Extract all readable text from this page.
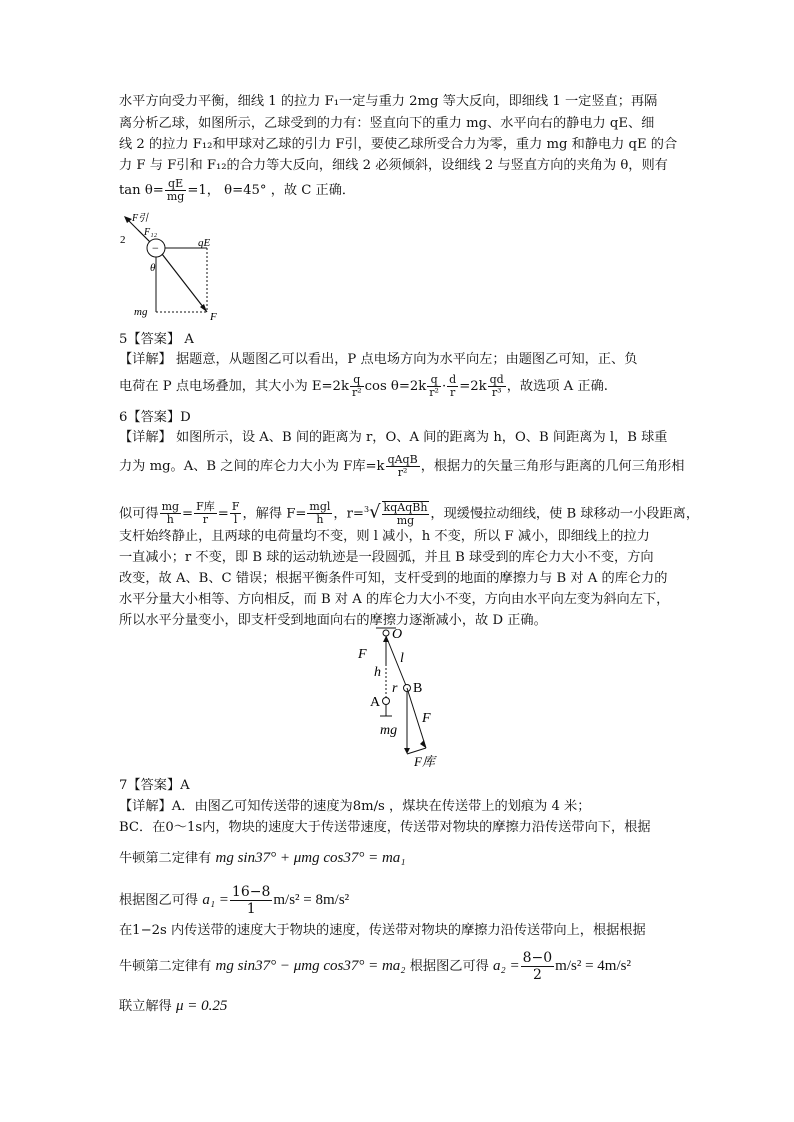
水平方向受力平衡，细线 1 的拉力 F₁一定与重力 2mg 等大反向，即细线 1 一定竖直；再隔
离分析乙球，如图所示，乙球受到的力有：竖直向下的重力 mg、水平向右的静电力 qE、细
线 2 的拉力 F₁₂和甲球对乙球的引力 F引，要使乙球所受合力为零，重力 mg 和静电力 qE 的合
力 F 与 F引和 F₁₂的合力等大反向，细线 2 必须倾斜，设细线 2 与竖直方向的夹角为 θ，则有
$\tan \theta= \frac{qE}{mg} =1$， θ=45° ，故 C 正确．
−
F引
F₁₂
2	qE
θ
mg	F
5【答案】 A
【详解】 据题意，从题图乙可以看出，P 点电场方向为水平向左；由题图乙可知，正、负
电荷在 P 点电场叠加，其大小为 $E=2k \frac{q}{\text{r²}}$ $\cos \theta=2k \frac{q}{\text{r²}} \cdot \frac{d}{r} =2k \frac{qd}{\text{r³}}$ ，故选项 A 正确.
6【答案】D
【详解】 如图所示，设 A、B 间的距离为 r，O、A 间的距离为 h，O、B 间距离为 l，B 球重
力为 mg。A、B 之间的库仑力大小为 F库$=k \frac{\text{qAqB}}{\text{r²}}$ ，根据力的矢量三角形与距离的几何三角形相
似可得 $\frac{mg}{h} = \frac{\text{F库}}{r} = \frac{F}{l}$ ，解得 $F= \frac{\text{mgl}}{h}$ ，$r=^3√ \frac{\text{kqAqBh}}{mg}$ ，现缓慢拉动细线，使 B 球移动一小段距离，
支杆始终静止，且两球的电荷量均不变，则 l 减小，h 不变，所以 F 减小，即细线上的拉力
一直减小；r 不变，即 B 球的运动轨迹是一段圆弧，并且 B 球受到的库仑力大小不变，方向
改变，故 A、B、C 错误；根据平衡条件可知，支杆受到的地面的摩擦力与 B 对 A 的库仑力的
水平分量大小相等、方向相反，而 B 对 A 的库仑力大小不变，方向由水平向左变为斜向左下，
所以水平分量变小，即支杆受到地面向右的摩擦力逐渐减小，故 D 正确。
O
F l
h
r B
A
F
mg
F库
7【答案】A
【详解】A．由图乙可知传送带的速度为8m/s ，煤块在传送带上的划痕为 4 米；
BC．在0～1s内，物块的速度大于传送带速度，传送带对物块的摩擦力沿传送带向下，根据
牛顿第二定律有 mg sin37° + μmg cos37° = ma₁
根据图乙可得 $a_1 = \frac{16-8}{1} m/s^2 = 8m/s^2$
在1−2s 内传送带的速度大于物块的速度，传送带对物块的摩擦力沿传送带向上，根据根据
牛顿第二定律有 mg sin37° − μmg cos37° = ma₂ 根据图乙可得 $a_2 = \frac{8-0}{2} m/s^2 = 4m/s^2$
联立解得 μ = 0.25
